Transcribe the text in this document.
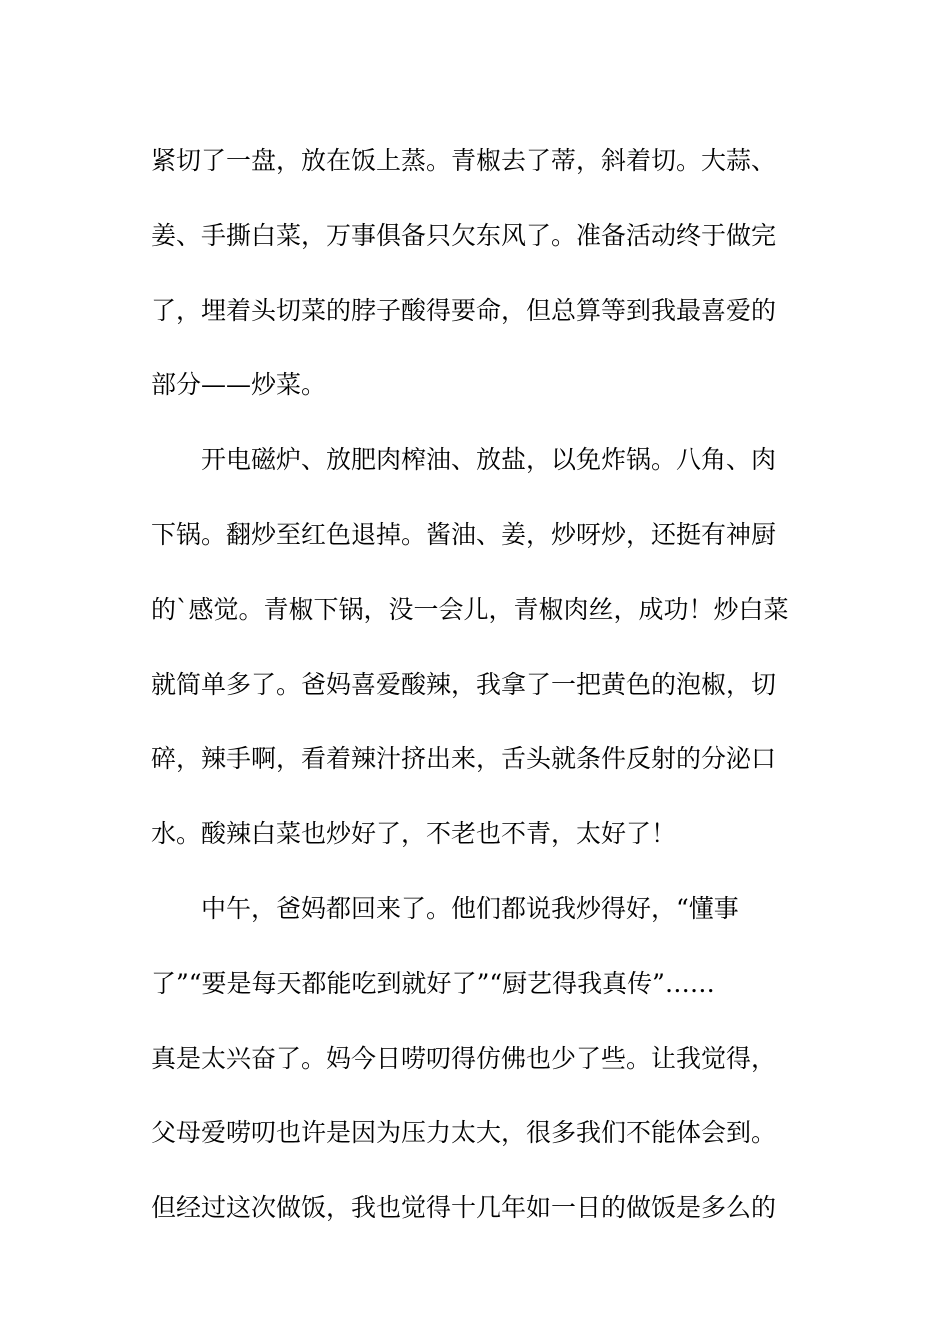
紧切了一盘，放在饭上蒸。青椒去了蒂，斜着切。大蒜、
姜、手撕白菜，万事俱备只欠东风了。准备活动终于做完
了，埋着头切菜的脖子酸得要命，但总算等到我最喜爱的
部分——炒菜。
开电磁炉、放肥肉榨油、放盐，以免炸锅。八角、肉
下锅。翻炒至红色退掉。酱油、姜，炒呀炒，还挺有神厨
的`感觉。青椒下锅，没一会儿，青椒肉丝，成功！炒白菜
就简单多了。爸妈喜爱酸辣，我拿了一把黄色的泡椒，切
碎，辣手啊，看着辣汁挤出来，舌头就条件反射的分泌口
水。酸辣白菜也炒好了，不老也不青，太好了！
中午，爸妈都回来了。他们都说我炒得好，“懂事
了”“要是每天都能吃到就好了”“厨艺得我真传”……
真是太兴奋了。妈今日唠叨得仿佛也少了些。让我觉得，
父母爱唠叨也许是因为压力太大，很多我们不能体会到。
但经过这次做饭，我也觉得十几年如一日的做饭是多么的
